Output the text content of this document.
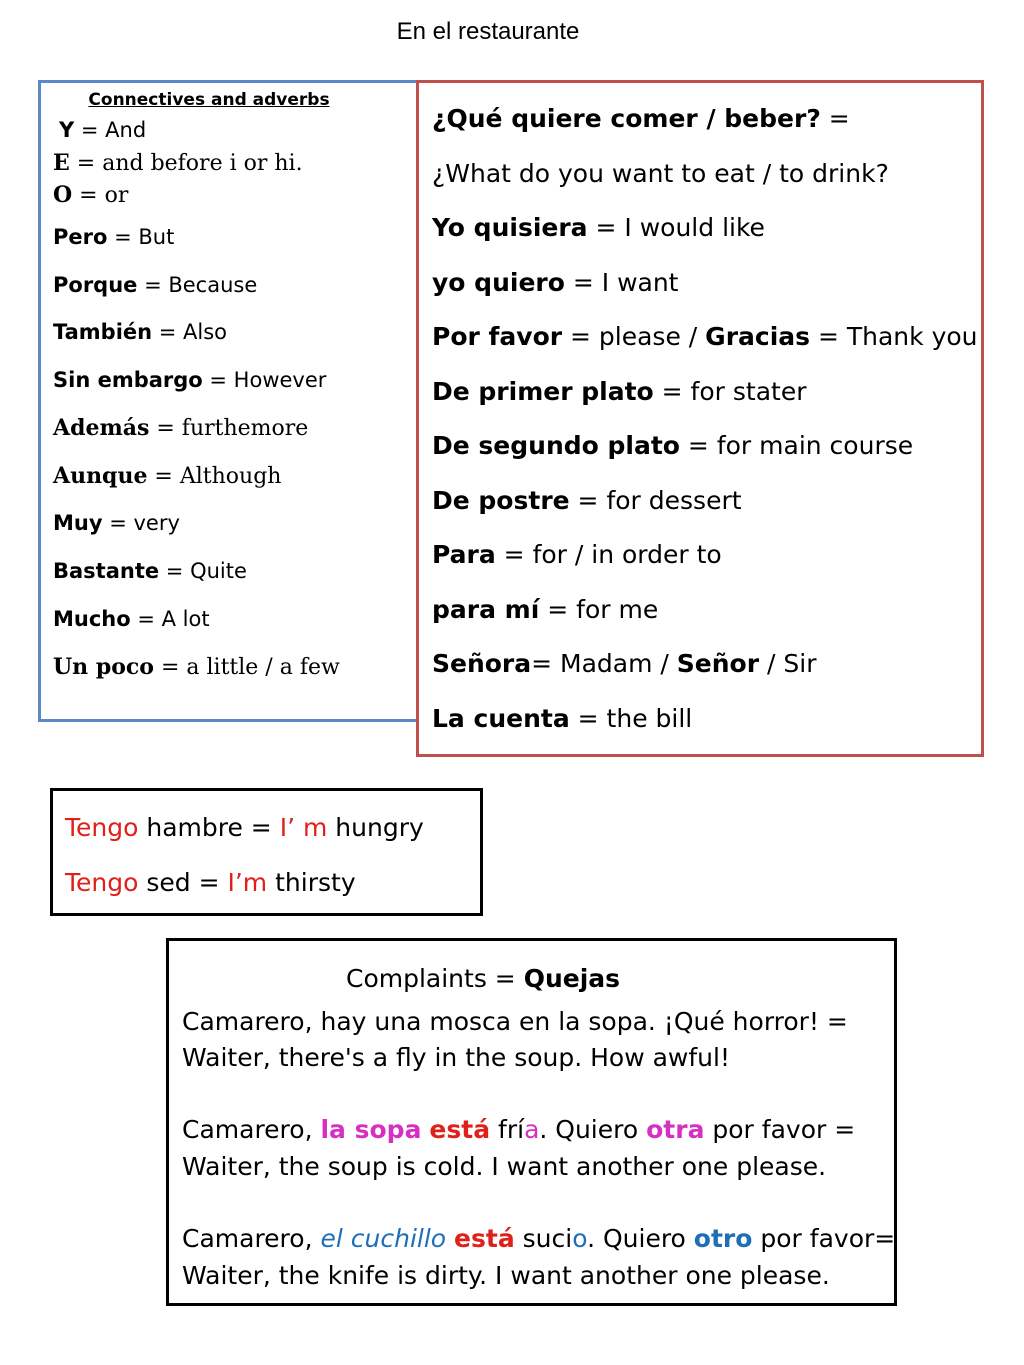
En el restaurante
Connectives and adverbs
Y = And
E = and before i or hi.
O = or
Pero = But
Porque = Because
También = Also
Sin embargo = However
Además = furthemore
Aunque = Although
Muy = very
Bastante = Quite
Mucho = A lot
Un poco = a little / a few
¿Qué quiere comer / beber? =
¿What do you want to eat / to drink?
Yo quisiera = I would like
yo quiero = I want
Por favor = please / Gracias = Thank you
De primer plato = for stater
De segundo plato = for main course
De postre = for dessert
Para = for / in order to
para mí = for me
Señora= Madam / Señor / Sir
La cuenta = the bill
Tengo hambre = I’ m hungry
Tengo sed = I’m thirsty
Complaints = Quejas
Camarero, hay una mosca en la sopa. ¡Qué horror! =
Waiter, there's a fly in the soup. How awful!
Camarero, la sopa está fría. Quiero otra por favor =
Waiter, the soup is cold. I want another one please.
Camarero, el cuchillo está sucio. Quiero otro por favor=
Waiter, the knife is dirty. I want another one please.
